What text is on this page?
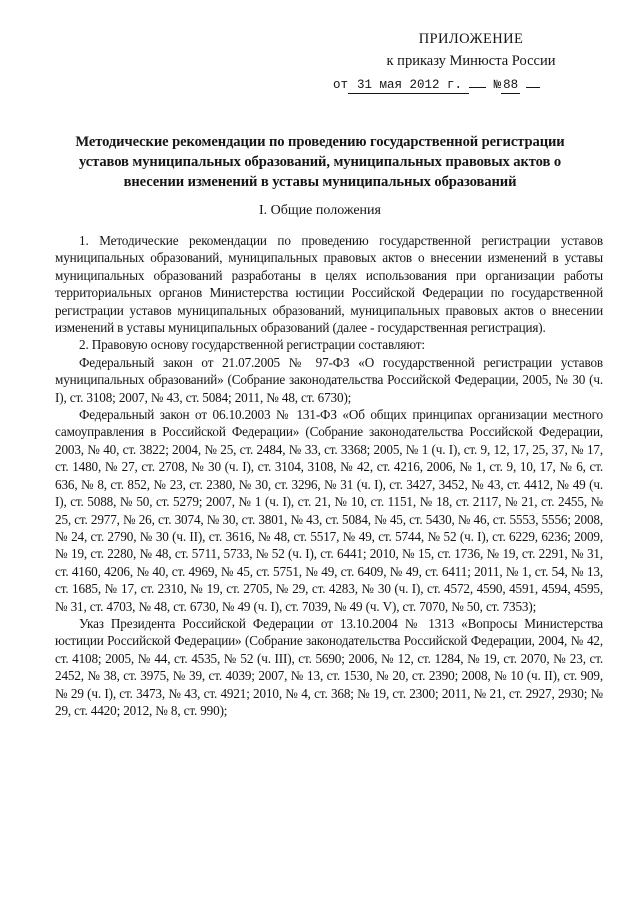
ПРИЛОЖЕНИЕ
к приказу Минюста России
от 31 мая 2012 г.	№ 88
Методические рекомендации по проведению государственной регистрации уставов муниципальных образований, муниципальных правовых актов о внесении изменений в уставы муниципальных образований
I. Общие положения

1. Методические рекомендации по проведению государственной регистрации уставов муниципальных образований, муниципальных правовых актов о внесении изменений в уставы муниципальных образований разработаны в целях использования при организации работы территориальных органов Министерства юстиции Российской Федерации по государственной регистрации уставов муниципальных образований, муниципальных правовых актов о внесении изменений в уставы муниципальных образований (далее - государственная регистрация).

2. Правовую основу государственной регистрации составляют:

Федеральный закон от 21.07.2005 № 97-ФЗ «О государственной регистрации уставов муниципальных образований» (Собрание законодательства Российской Федерации, 2005, № 30 (ч. I), ст. 3108; 2007, № 43, ст. 5084; 2011, № 48, ст. 6730);

Федеральный закон от 06.10.2003 № 131-ФЗ «Об общих принципах организации местного самоуправления в Российской Федерации» (Собрание законодательства Российской Федерации, 2003, № 40, ст. 3822; 2004, № 25, ст. 2484, № 33, ст. 3368; 2005, № 1 (ч. I), ст. 9, 12, 17, 25, 37, № 17, ст. 1480, № 27, ст. 2708, № 30 (ч. I), ст. 3104, 3108, № 42, ст. 4216, 2006, № 1, ст. 9, 10, 17, № 6, ст. 636, № 8, ст. 852, № 23, ст. 2380, № 30, ст. 3296, № 31 (ч. I), ст. 3427, 3452, № 43, ст. 4412, № 49 (ч. I), ст. 5088, № 50, ст. 5279; 2007, № 1 (ч. I), ст. 21, № 10, ст. 1151, № 18, ст. 2117, № 21, ст. 2455, № 25, ст. 2977, № 26, ст. 3074, № 30, ст. 3801, № 43, ст. 5084, № 45, ст. 5430, № 46, ст. 5553, 5556; 2008, № 24, ст. 2790, № 30 (ч. II), ст. 3616, № 48, ст. 5517, № 49, ст. 5744, № 52 (ч. I), ст. 6229, 6236; 2009, № 19, ст. 2280, № 48, ст. 5711, 5733, № 52 (ч. I), ст. 6441; 2010, № 15, ст. 1736, № 19, ст. 2291, № 31, ст. 4160, 4206, № 40, ст. 4969, № 45, ст. 5751, № 49, ст. 6409, № 49, ст. 6411; 2011, № 1, ст. 54, № 13, ст. 1685, № 17, ст. 2310, № 19, ст. 2705, № 29, ст. 4283, № 30 (ч. I), ст. 4572, 4590, 4591, 4594, 4595, № 31, ст. 4703, № 48, ст. 6730, № 49 (ч. I), ст. 7039, № 49 (ч. V), ст. 7070, № 50, ст. 7353);

Указ Президента Российской Федерации от 13.10.2004 № 1313 «Вопросы Министерства юстиции Российской Федерации» (Собрание законодательства Российской Федерации, 2004, № 42, ст. 4108; 2005, № 44, ст. 4535, № 52 (ч. III), ст. 5690; 2006, № 12, ст. 1284, № 19, ст. 2070, № 23, ст. 2452, № 38, ст. 3975, № 39, ст. 4039; 2007, № 13, ст. 1530, № 20, ст. 2390; 2008, № 10 (ч. II), ст. 909, № 29 (ч. I), ст. 3473, № 43, ст. 4921; 2010, № 4, ст. 368; № 19, ст. 2300; 2011, № 21, ст. 2927, 2930; № 29, ст. 4420; 2012, № 8, ст. 990);
